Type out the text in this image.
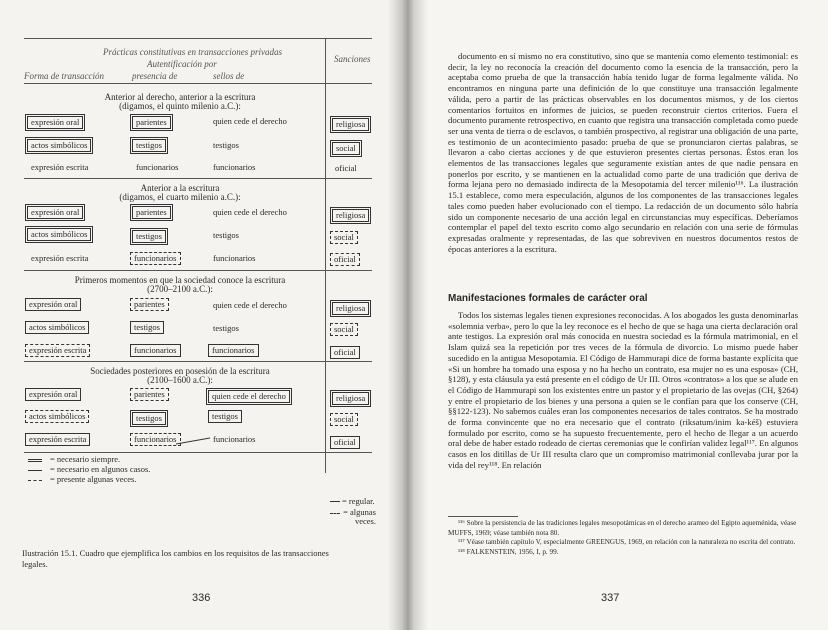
Prácticas constitutivas en transacciones privadas
Autentificación por
Forma de transacción	presencia de	sellos de
Sanciones
Anterior al derecho, anterior a la escritura
(digamos, el quinto milenio a.C.):
expresión oral	parientes	quien cede el derecho	religiosa
actos simbólicos	testigos	testigos	social
expresión escrita	funcionarios	funcionarios	oficial
Anterior a la escritura
(digamos, el cuarto milenio a.C.):
expresión oral	parientes	quien cede el derecho	religiosa
actos simbólicos	testigos	testigos	social
expresión escrita	funcionarios	funcionarios	oficial
Primeros momentos en que la sociedad conoce la escritura
(2700–2100 a.C.):
expresión oral	parientes	quien cede el derecho	religiosa
actos simbólicos	testigos	testigos	social
expresión escrita	funcionarios	funcionarios	oficial
Sociedades posteriores en posesión de la escritura
(2100–1600 a.C.):
expresión oral	parientes	quien cede el derecho	religiosa
actos simbólicos	testigos	testigos	social
expresión escrita	funcionarios	funcionarios	oficial
= necesario siempre.
= necesario en algunos casos.
= presente algunas veces.
= regular.
= algunas veces.
Ilustración 15.1. Cuadro que ejemplifica los cambios en los requisitos de las transacciones legales.
336

documento en sí mismo no era constitutivo, sino que se mantenía como elemento testimonial: es decir, la ley no reconocía la creación del documento como la esencia de la transacción, pero la aceptaba como prueba de que la transacción había tenido lugar de forma legalmente válida. No encontramos en ninguna parte una definición de lo que constituye una transacción legalmente válida, pero a partir de las prácticas observables en los documentos mismos, y de los ciertos comentarios fortuitos en informes de juicios, se pueden reconstruir ciertos criterios. Fuera el documento puramente retrospectivo, en cuanto que registra una transacción completada como puede ser una venta de tierra o de esclavos, o también prospectivo, al registrar una obligación de una parte, es testimonio de un acontecimiento pasado: prueba de que se pronunciaron ciertas palabras, se llevaron a cabo ciertas acciones y de que estuvieron presentes ciertas personas. Éstos eran los elementos de las transacciones legales que seguramente existían antes de que nadie pensara en ponerlos por escrito, y se mantienen en la actualidad como parte de una tradición que deriva de forma lejana pero no demasiado indirecta de la Mesopotamia del tercer milenio¹¹⁶. La ilustración 15.1 establece, como mera especulación, algunos de los componentes de las transacciones legales tales como pueden haber evolucionado con el tiempo. La redacción de un documento sólo habría sido un componente necesario de una acción legal en circunstancias muy específicas. Deberíamos contemplar el papel del texto escrito como algo secundario en relación con una serie de fórmulas expresadas oralmente y representadas, de las que sobreviven en nuestros documentos restos de épocas anteriores a la escritura.

Manifestaciones formales de carácter oral

Todos los sistemas legales tienen expresiones reconocidas. A los abogados les gusta denominarlas «solemnia verba», pero lo que la ley reconoce es el hecho de que se haga una cierta declaración oral ante testigos. La expresión oral más conocida en nuestra sociedad es la fórmula matrimonial, en el Islam quizá sea la repetición por tres veces de la fórmula de divorcio. Lo mismo puede haber sucedido en la antigua Mesopotamia. El Código de Hammurapi dice de forma bastante explícita que «Si un hombre ha tomado una esposa y no ha hecho un contrato, esa mujer no es una esposa» (CH, §128), y esta cláusula ya está presente en el código de Ur III. Otros «contratos» a los que se alude en el Código de Hammurapi son los existentes entre un pastor y el propietario de las ovejas (CH, §264) y entre el propietario de los bienes y una persona a quien se le confían para que los conserve (CH, §§122-123). No sabemos cuáles eran los componentes necesarios de tales contratos. Se ha mostrado de forma convincente que no era necesario que el contrato (riksatum/inim ka-kéš) estuviera formulado por escrito, como se ha supuesto frecuentemente, pero el hecho de llegar a un acuerdo oral debe de haber estado rodeado de ciertas ceremonias que le confirían validez legal¹¹⁷. En algunos casos en los ditillas de Ur III resulta claro que un compromiso matrimonial conllevaba jurar por la vida del rey¹¹⁸. En relación

¹¹⁶ Sobre la persistencia de las tradiciones legales mesopotámicas en el derecho arameo del Egipto aqueménida, véase MUFFS, 1969; véase también nota 80.

¹¹⁷ Véase también capítulo V, especialmente GREENGUS, 1969, en relación con la naturaleza no escrita del contrato.

¹¹⁸ FALKENSTEIN, 1956, I, p. 99.

337
